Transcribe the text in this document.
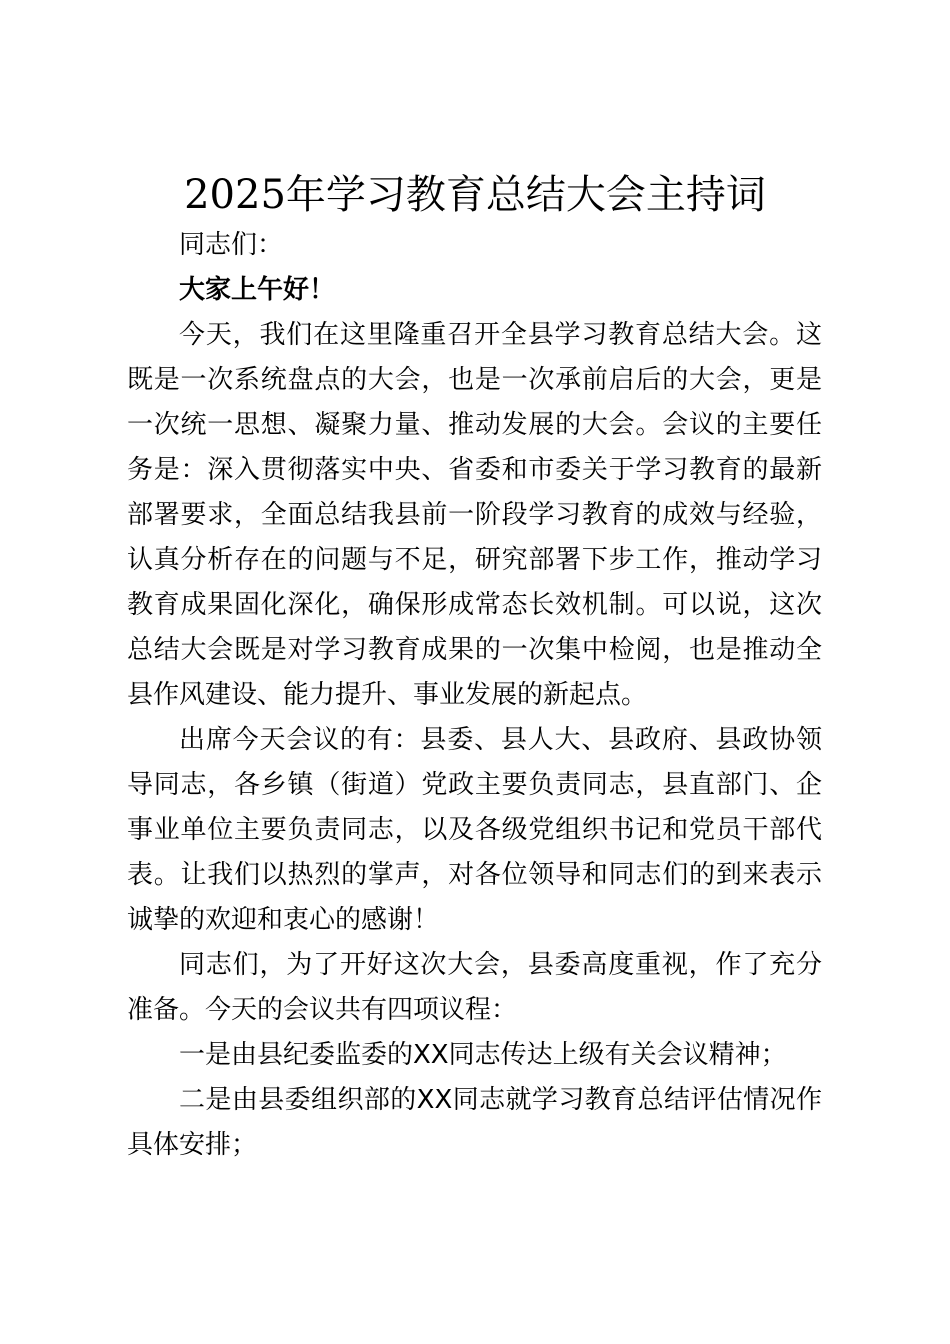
2025年学习教育总结大会主持词

同志们：

大家上午好！

今天，我们在这里隆重召开全县学习教育总结大会。这既是一次系统盘点的大会，也是一次承前启后的大会，更是一次统一思想、凝聚力量、推动发展的大会。会议的主要任务是：深入贯彻落实中央、省委和市委关于学习教育的最新部署要求，全面总结我县前一阶段学习教育的成效与经验，认真分析存在的问题与不足，研究部署下步工作，推动学习教育成果固化深化，确保形成常态长效机制。可以说，这次总结大会既是对学习教育成果的一次集中检阅，也是推动全县作风建设、能力提升、事业发展的新起点。

出席今天会议的有：县委、县人大、县政府、县政协领导同志，各乡镇（街道）党政主要负责同志，县直部门、企事业单位主要负责同志，以及各级党组织书记和党员干部代表。让我们以热烈的掌声，对各位领导和同志们的到来表示诚挚的欢迎和衷心的感谢！

同志们，为了开好这次大会，县委高度重视，作了充分准备。今天的会议共有四项议程：

一是由县纪委监委的XX同志传达上级有关会议精神；

二是由县委组织部的XX同志就学习教育总结评估情况作具体安排；
